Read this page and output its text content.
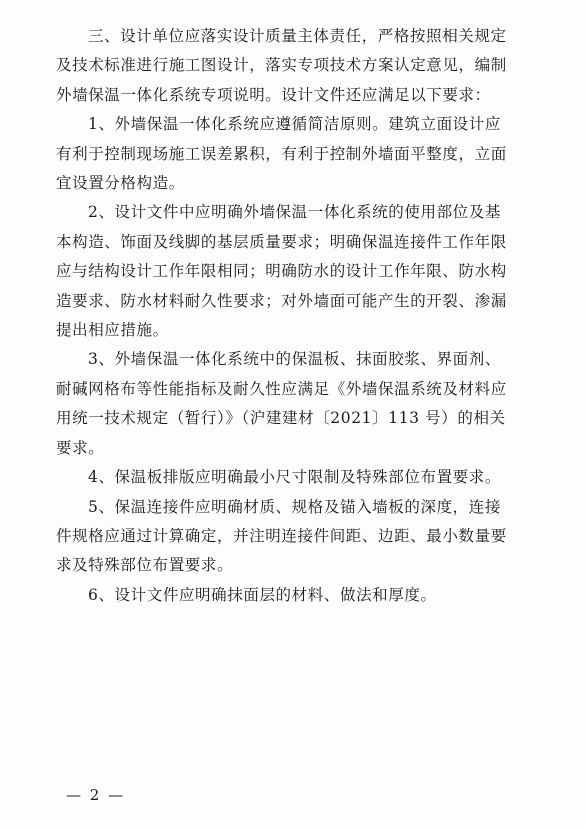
三、设计单位应落实设计质量主体责任，严格按照相关规定
及技术标准进行施工图设计，落实专项技术方案认定意见，编制
外墙保温一体化系统专项说明。设计文件还应满足以下要求：

1、外墙保温一体化系统应遵循简洁原则。建筑立面设计应
有利于控制现场施工误差累积，有利于控制外墙面平整度，立面
宜设置分格构造。

2、设计文件中应明确外墙保温一体化系统的使用部位及基
本构造、饰面及线脚的基层质量要求；明确保温连接件工作年限
应与结构设计工作年限相同；明确防水的设计工作年限、防水构
造要求、防水材料耐久性要求；对外墙面可能产生的开裂、渗漏
提出相应措施。

3、外墙保温一体化系统中的保温板、抹面胶浆、界面剂、
耐碱网格布等性能指标及耐久性应满足《外墙保温系统及材料应
用统一技术规定（暂行）》（沪建建材〔2021〕113 号）的相关
要求。

4、保温板排版应明确最小尺寸限制及特殊部位布置要求。

5、保温连接件应明确材质、规格及锚入墙板的深度，连接
件规格应通过计算确定，并注明连接件间距、边距、最小数量要
求及特殊部位布置要求。

6、设计文件应明确抹面层的材料、做法和厚度。

— 2 —
